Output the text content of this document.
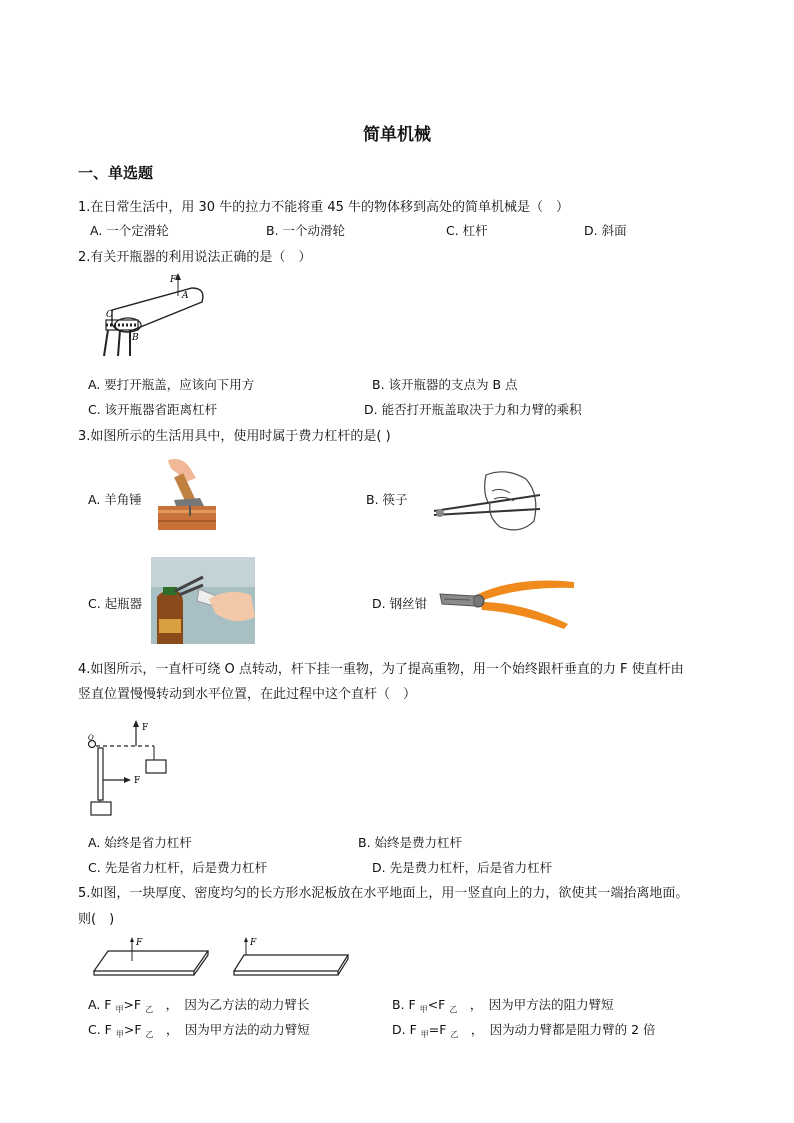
简单机械
一、单选题
1.在日常生活中，用 30 牛的拉力不能将重 45 牛的物体移到高处的简单机械是（　）
A. 一个定滑轮	B. 一个动滑轮	C. 杠杆	D. 斜面
2.有关开瓶器的利用说法正确的是（　）
F
A
C
B
A. 要打开瓶盖，应该向下用方	B. 该开瓶器的支点为 B 点
C. 该开瓶器省距离杠杆	D. 能否打开瓶盖取决于力和力臂的乘积
3.如图所示的生活用具中，使用时属于费力杠杆的是( )
A. 羊角锤	B. 筷子
C. 起瓶器	D. 钢丝钳
4.如图所示，一直杆可绕 O 点转动，杆下挂一重物，为了提高重物，用一个始终跟杆垂直的力 F 使直杆由
竖直位置慢慢转动到水平位置，在此过程中这个直杆（　）
O
F
F
A. 始终是省力杠杆	B. 始终是费力杠杆
C. 先是省力杠杆，后是费力杠杆	D. 先是费力杠杆，后是省力杠杆
5.如图，一块厚度、密度均匀的长方形水泥板放在水平地面上，用一竖直向上的力，欲使其一端抬离地面。
则(　)
F	F
A. F $_甲$>F $_乙$　，　因为乙方法的动力臂长	B. F $_甲$<F $_乙$　，　因为甲方法的阻力臂短
C. F $_甲$>F $_乙$　，　因为甲方法的动力臂短	D. F $_甲$=F $_乙$　，　因为动力臂都是阻力臂的 2 倍
